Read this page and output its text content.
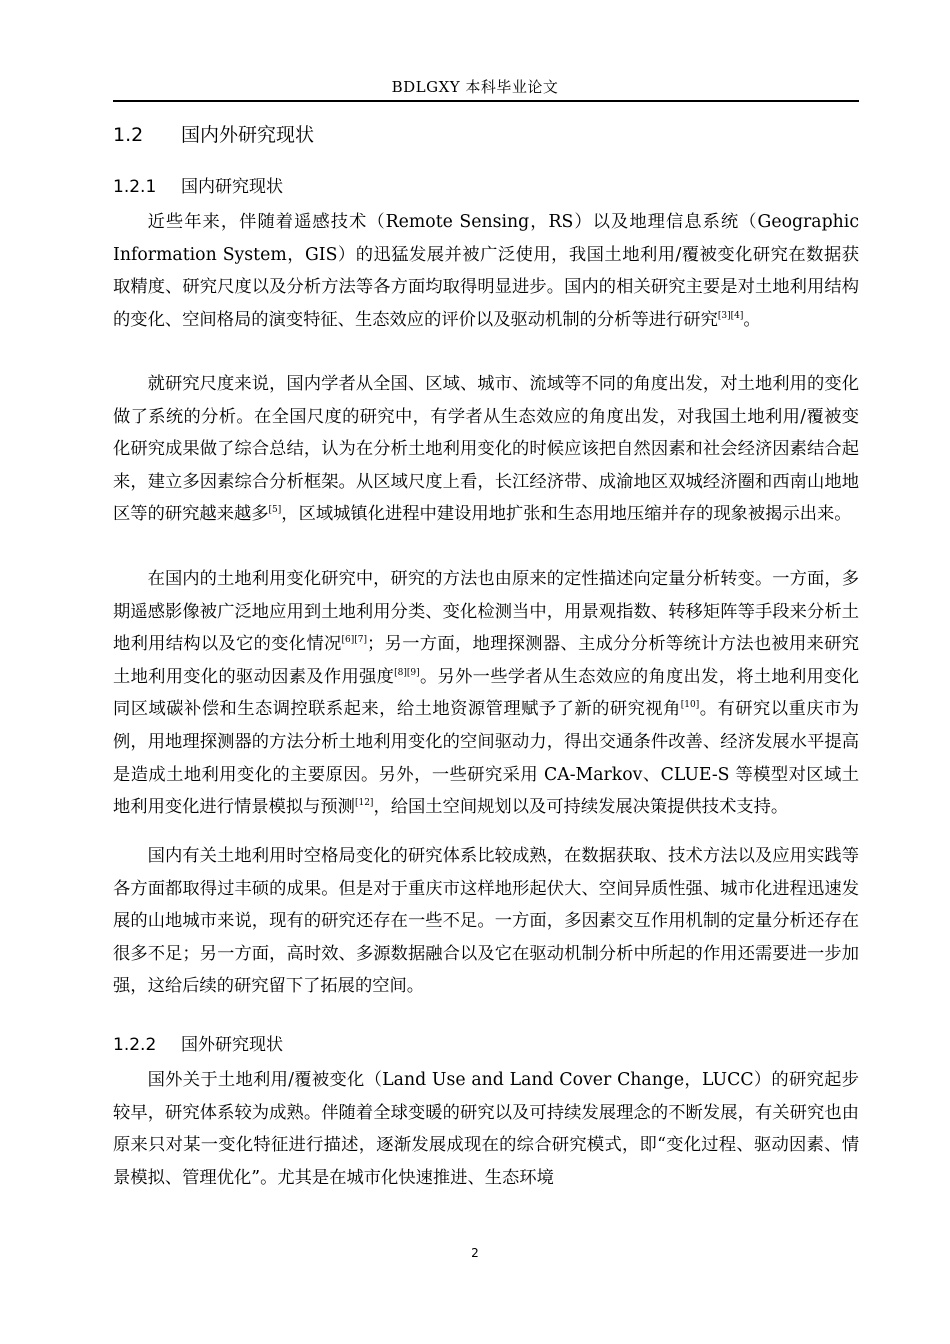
BDLGXY 本科毕业论文
1.2 国内外研究现状
1.2.1 国内研究现状

近些年来，伴随着遥感技术（Remote Sensing，RS）以及地理信息系统（Geographic Information System，GIS）的迅猛发展并被广泛使用，我国土地利用/覆被变化研究在数据获取精度、研究尺度以及分析方法等各方面均取得明显进步。国内的相关研究主要是对土地利用结构的变化、空间格局的演变特征、生态效应的评价以及驱动机制的分析等进行研究[3][4]。

就研究尺度来说，国内学者从全国、区域、城市、流域等不同的角度出发，对土地利用的变化做了系统的分析。在全国尺度的研究中，有学者从生态效应的角度出发，对我国土地利用/覆被变化研究成果做了综合总结，认为在分析土地利用变化的时候应该把自然因素和社会经济因素结合起来，建立多因素综合分析框架。从区域尺度上看，长江经济带、成渝地区双城经济圈和西南山地地区等的研究越来越多[5]，区域城镇化进程中建设用地扩张和生态用地压缩并存的现象被揭示出来。

在国内的土地利用变化研究中，研究的方法也由原来的定性描述向定量分析转变。一方面，多期遥感影像被广泛地应用到土地利用分类、变化检测当中，用景观指数、转移矩阵等手段来分析土地利用结构以及它的变化情况[6][7]；另一方面，地理探测器、主成分分析等统计方法也被用来研究土地利用变化的驱动因素及作用强度[8][9]。另外一些学者从生态效应的角度出发，将土地利用变化同区域碳补偿和生态调控联系起来，给土地资源管理赋予了新的研究视角[10]。有研究以重庆市为例，用地理探测器的方法分析土地利用变化的空间驱动力，得出交通条件改善、经济发展水平提高是造成土地利用变化的主要原因。另外，一些研究采用 CA-Markov、CLUE-S 等模型对区域土地利用变化进行情景模拟与预测[12]，给国土空间规划以及可持续发展决策提供技术支持。

国内有关土地利用时空格局变化的研究体系比较成熟，在数据获取、技术方法以及应用实践等各方面都取得过丰硕的成果。但是对于重庆市这样地形起伏大、空间异质性强、城市化进程迅速发展的山地城市来说，现有的研究还存在一些不足。一方面，多因素交互作用机制的定量分析还存在很多不足；另一方面，高时效、多源数据融合以及它在驱动机制分析中所起的作用还需要进一步加强，这给后续的研究留下了拓展的空间。

1.2.2 国外研究现状

国外关于土地利用/覆被变化（Land Use and Land Cover Change，LUCC）的研究起步较早，研究体系较为成熟。伴随着全球变暖的研究以及可持续发展理念的不断发展，有关研究也由原来只对某一变化特征进行描述，逐渐发展成现在的综合研究模式，即“变化过程、驱动因素、情景模拟、管理优化”。尤其是在城市化快速推进、生态环境

2
